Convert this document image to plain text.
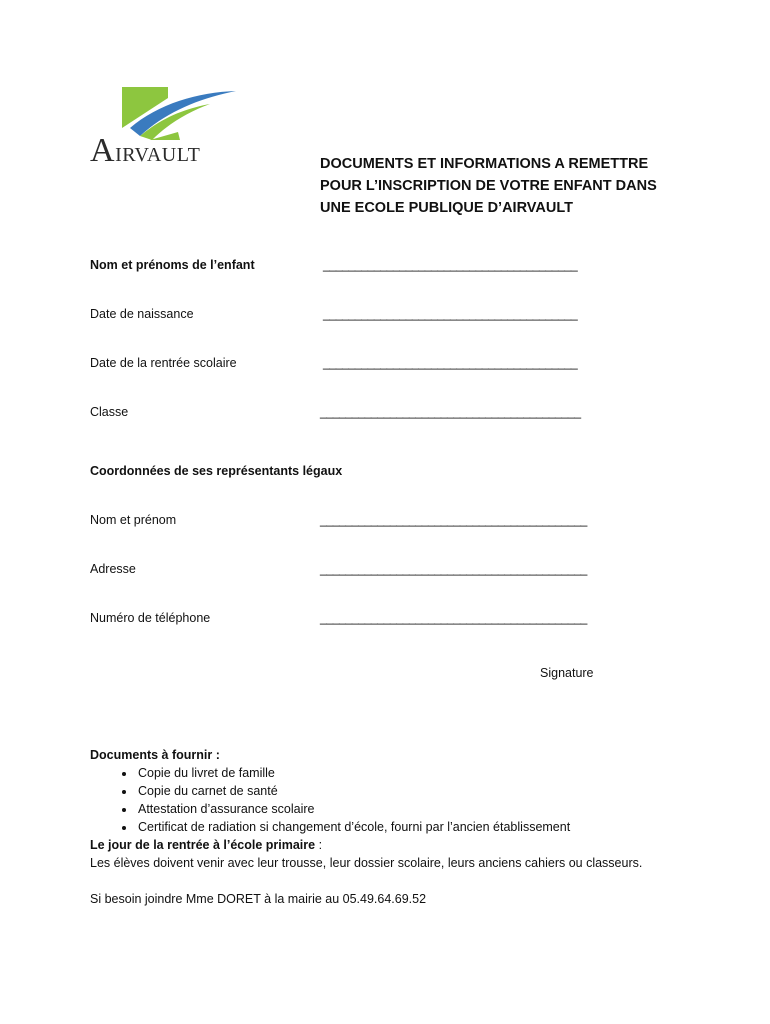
AIRVAULT	DOCUMENTS ET INFORMATIONS A REMETTRE
POUR L’INSCRIPTION DE VOTRE ENFANT DANS
UNE ECOLE PUBLIQUE D’AIRVAULT
Nom et prénoms de l’enfant	________________________________________
Date de naissance	________________________________________
Date de la rentrée scolaire	________________________________________
Classe	_________________________________________
Coordonnées de ses représentants légaux
Nom et prénom	__________________________________________
Adresse	__________________________________________
Numéro de téléphone	__________________________________________
Signature
Documents à fournir :
• Copie du livret de famille
• Copie du carnet de santé
• Attestation d’assurance scolaire
• Certificat de radiation si changement d’école, fourni par l’ancien établissement
Le jour de la rentrée à l’école primaire :
Les élèves doivent venir avec leur trousse, leur dossier scolaire, leurs anciens cahiers ou classeurs.
Si besoin joindre Mme DORET à la mairie au 05.49.64.69.52
